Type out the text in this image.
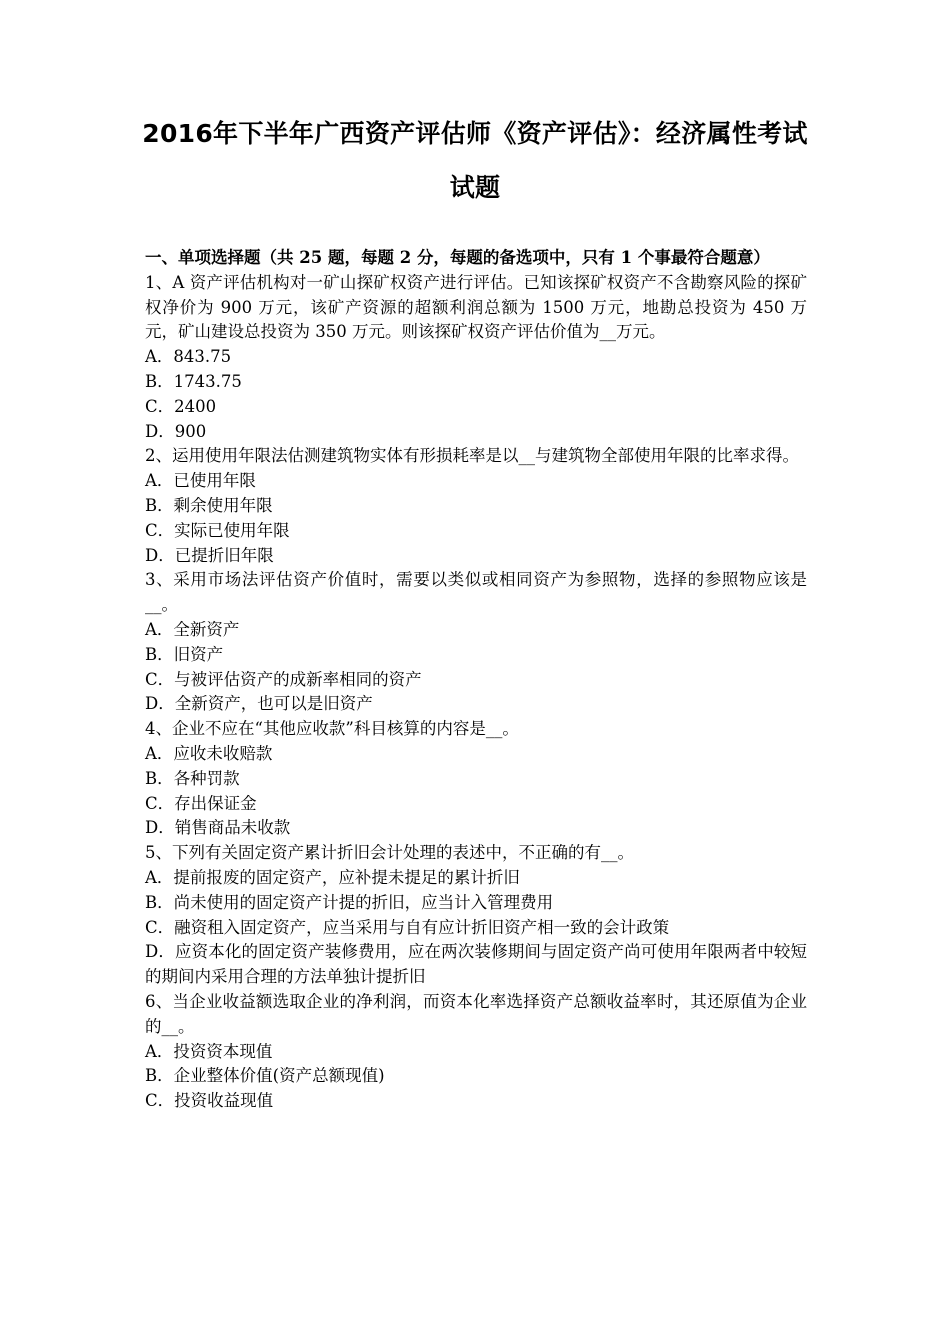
2016年下半年广西资产评估师《资产评估》：经济属性考试
试题
一、单项选择题（共 25 题，每题 2 分，每题的备选项中，只有 1 个事最符合题意）
1、A 资产评估机构对一矿山探矿权资产进行评估。已知该探矿权资产不含勘察风险的探矿权净价为 900 万元，该矿产资源的超额利润总额为 1500 万元，地勘总投资为 450 万元，矿山建设总投资为 350 万元。则该探矿权资产评估价值为__万元。
A．843.75
B．1743.75
C．2400
D．900
2、运用使用年限法估测建筑物实体有形损耗率是以__与建筑物全部使用年限的比率求得。
A．已使用年限
B．剩余使用年限
C．实际已使用年限
D．已提折旧年限
3、采用市场法评估资产价值时，需要以类似或相同资产为参照物，选择的参照物应该是__。
A．全新资产
B．旧资产
C．与被评估资产的成新率相同的资产
D．全新资产，也可以是旧资产
4、企业不应在“其他应收款”科目核算的内容是__。
A．应收未收赔款
B．各种罚款
C．存出保证金
D．销售商品未收款
5、下列有关固定资产累计折旧会计处理的表述中，不正确的有__。
A．提前报废的固定资产，应补提未提足的累计折旧
B．尚未使用的固定资产计提的折旧，应当计入管理费用
C．融资租入固定资产，应当采用与自有应计折旧资产相一致的会计政策
D．应资本化的固定资产装修费用，应在两次装修期间与固定资产尚可使用年限两者中较短的期间内采用合理的方法单独计提折旧
6、当企业收益额选取企业的净利润，而资本化率选择资产总额收益率时，其还原值为企业的__。
A．投资资本现值
B．企业整体价值(资产总额现值)
C．投资收益现值
